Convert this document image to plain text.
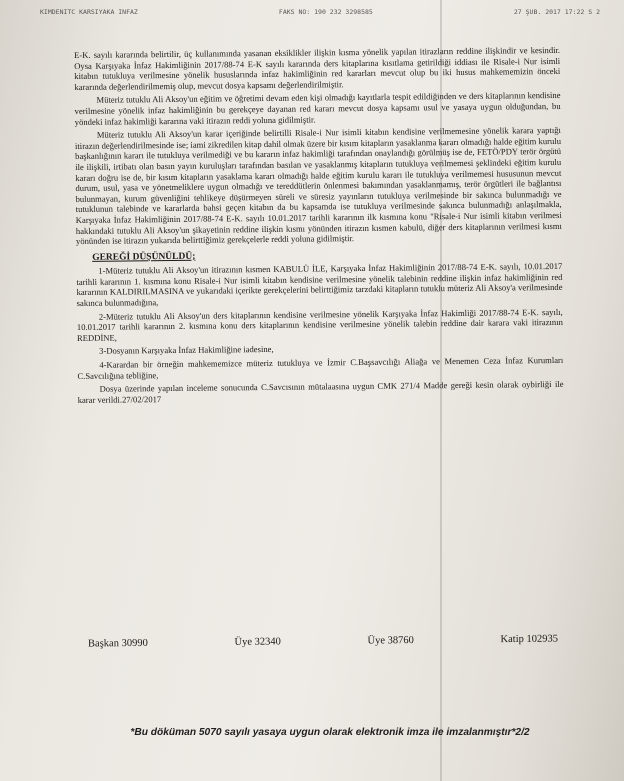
KIMDENITC KARSIYAKA INFAZ	FAKS NO: 190 232 3298585	27 ŞUB. 2017 17:22 S 2

E-K. sayılı kararında belirtilir, üç kullanımında yasanan eksiklikler ilişkin kısma yönelik yapılan itirazların reddine ilişkindir ve kesindir. Oysa Karşıyaka İnfaz Hakimliğinin 2017/88-74 E-K sayılı kararında ders kitaplarına kısıtlama getirildiği iddiası ile Risale-i Nur isimli kitabın tutukluya verilmesine yönelik hususlarında infaz hakimliğinin red kararları mevcut olup bu iki husus mahkememizin önceki kararında değerlendirilmemiş olup, mevcut dosya kapsamı değerlendirilmiştir.

Müteriz tutuklu Ali Aksoy'un eğitim ve öğretimi devam eden kişi olmadığı kayıtlarla tespit edildiğinden ve ders kitaplarının kendisine verilmesine yönelik infaz hakimliğinin bu gerekçeye dayanan red kararı mevcut dosya kapsamı usul ve yasaya uygun olduğundan, bu yöndeki infaz hakimliği kararına vaki itirazın reddi yoluna gidilmiştir.

Müteriz tutuklu Ali Aksoy'un karar içeriğinde belirtilli Risale-i Nur isimli kitabın kendisine verilmemesine yönelik karara yaptığı itirazın değerlendirilmesinde ise; iami zikredilen kitap dahil olmak üzere bir kısım kitapların yasaklanma kararı olmadığı halde eğitim kurulu başkanlığının kararı ile tutukluya verilmediği ve bu kararın infaz hakimliği tarafından onaylandığı görülmüş ise de, FETÖ/PDY terör örgütü ile ilişkili, irtibatı olan basın yayın kuruluşları tarafından basılan ve yasaklanmış kitapların tutukluya verilmemesi şeklindeki eğitim kurulu kararı doğru ise de, bir kısım kitapların yasaklama kararı olmadığı halde eğitim kurulu kararı ile tutukluya verilmemesi hususunun mevcut durum, usul, yasa ve yönetmeliklere uygun olmadığı ve tereddütlerin önlenmesi bakımından yasaklanmamış, terör örgütleri ile bağlantısı bulunmayan, kurum güvenliğini tehlikeye düşürmeyen süreli ve süresiz yayınların tutukluya verilmesinde bir sakınca bulunmadığı ve tutuklunun talebinde ve kararlarda bahsi geçen kitabın da bu kapsamda ise tutukluya verilmesinde sakınca bulunmadığı anlaşılmakla, Karşıyaka İnfaz Hakimliğinin 2017/88-74 E-K. sayılı 10.01.2017 tarihli kararının ilk kısmına konu "Risale-i Nur isimli kitabın verilmesi hakkındaki tutuklu Ali Aksoy'un şikayetinin reddine ilişkin kısmı yönünden itirazın kısmen kabulü, diğer ders kitaplarının verilmesi kısmı yönünden ise itirazın yukarıda belirttiğimiz gerekçelerle reddi yoluna gidilmiştir.

GEREĞİ DÜŞÜNÜLDÜ;

1-Müteriz tutuklu Ali Aksoy'un itirazının kısmen KABULÜ İLE, Karşıyaka İnfaz Hakimliğinin 2017/88-74 E-K. sayılı, 10.01.2017 tarihli kararının 1. kısmına konu Risale-i Nur isimli kitabın kendisine verilmesine yönelik talebinin reddine ilişkin infaz hakimliğinin red kararının KALDIRILMASINA ve yukarıdaki içerikte gerekçelerini belirttiğimiz tarzdaki kitapların tutuklu müteriz Ali Aksoy'a verilmesinde sakınca bulunmadığına,

2-Müteriz tutuklu Ali Aksoy'un ders kitaplarının kendisine verilmesine yönelik Karşıyaka İnfaz Hakimliği 2017/88-74 E-K. sayılı, 10.01.2017 tarihli kararının 2. kısmına konu ders kitaplarının kendisine verilmesine yönelik talebin reddine dair karara vaki itirazının REDDİNE,

3-Dosyanın Karşıyaka İnfaz Hakimliğine iadesine,

4-Karardan bir örneğin mahkememizce müteriz tutukluya ve İzmir C.Başsavcılığı Aliağa ve Menemen Ceza İnfaz Kurumları C.Savcılığına tebliğine,

Dosya üzerinde yapılan inceleme sonucunda C.Savcısının mütalaasına uygun CMK 271/4 Madde gereği kesin olarak oybirliği ile karar verildi.27/02/2017

Başkan 30990	Üye 32340	Üye 38760	Katip 102935
*Bu döküman 5070 sayılı yasaya uygun olarak elektronik imza ile imzalanmıştır*2/2
